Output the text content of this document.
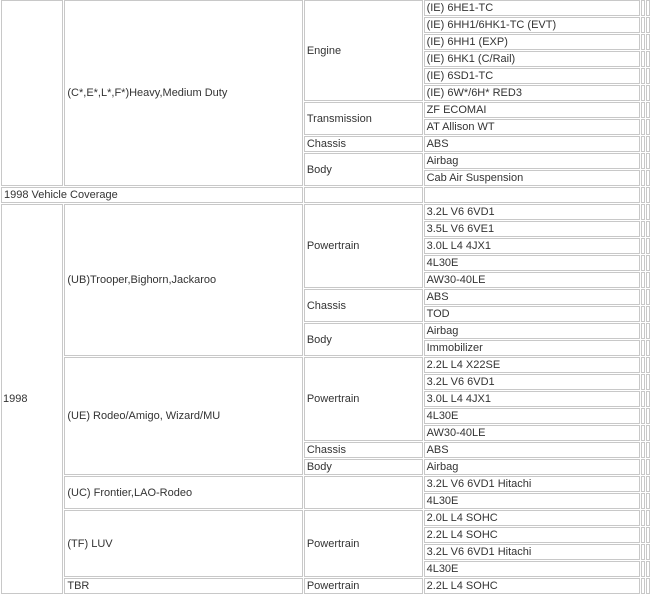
	(C*,E*,L*,F*)Heavy,Medium Duty	Engine	(IE) 6HE1-TC		
			(IE) 6HH1/6HK1-TC (EVT)		
			(IE) 6HH1 (EXP)		
			(IE) 6HK1 (C/Rail)		
			(IE) 6SD1-TC		
			(IE) 6W*/6H* RED3		
		Transmission	ZF ECOMAI		
			AT Allison WT		
		Chassis	ABS		
		Body	Airbag		
			Cab Air Suspension		
1998 Vehicle Coverage					
1998	(UB)Trooper,Bighorn,Jackaroo	Powertrain	3.2L V6 6VD1		
			3.5L V6 6VE1		
			3.0L L4 4JX1		
			4L30E		
			AW30-40LE		
		Chassis	ABS		
			TOD		
		Body	Airbag		
			Immobilizer		
	(UE) Rodeo/Amigo, Wizard/MU	Powertrain	2.2L L4 X22SE		
			3.2L V6 6VD1		
			3.0L L4 4JX1		
			4L30E		
			AW30-40LE		
		Chassis	ABS		
		Body	Airbag		
	(UC) Frontier,LAO-Rodeo		3.2L V6 6VD1 Hitachi		
			4L30E		
	(TF) LUV	Powertrain	2.0L L4 SOHC		
			2.2L L4 SOHC		
			3.2L V6 6VD1 Hitachi		
			4L30E		
	TBR	Powertrain	2.2L L4 SOHC		
